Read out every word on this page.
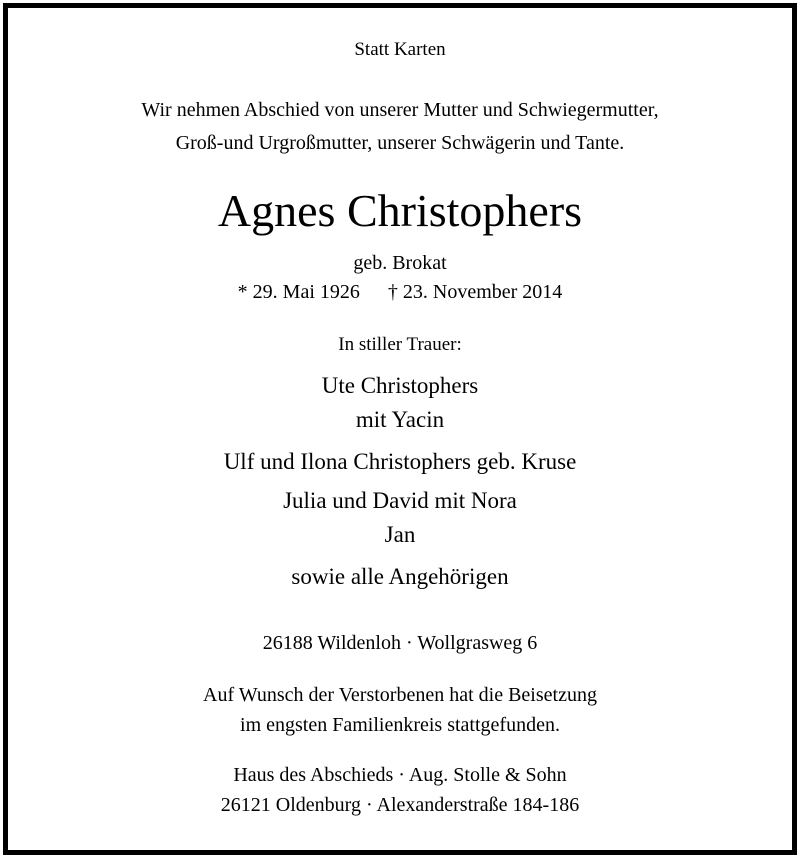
Statt Karten
Wir nehmen Abschied von unserer Mutter und Schwiegermutter,
Groß-und Urgroßmutter, unserer Schwägerin und Tante.
Agnes Christophers
geb. Brokat
* 29. Mai 1926 † 23. November 2014
In stiller Trauer:
Ute Christophers
mit Yacin
Ulf und Ilona Christophers geb. Kruse
Julia und David mit Nora
Jan
sowie alle Angehörigen
26188 Wildenloh · Wollgrasweg 6
Auf Wunsch der Verstorbenen hat die Beisetzung
im engsten Familienkreis stattgefunden.
Haus des Abschieds · Aug. Stolle & Sohn
26121 Oldenburg · Alexanderstraße 184-186
